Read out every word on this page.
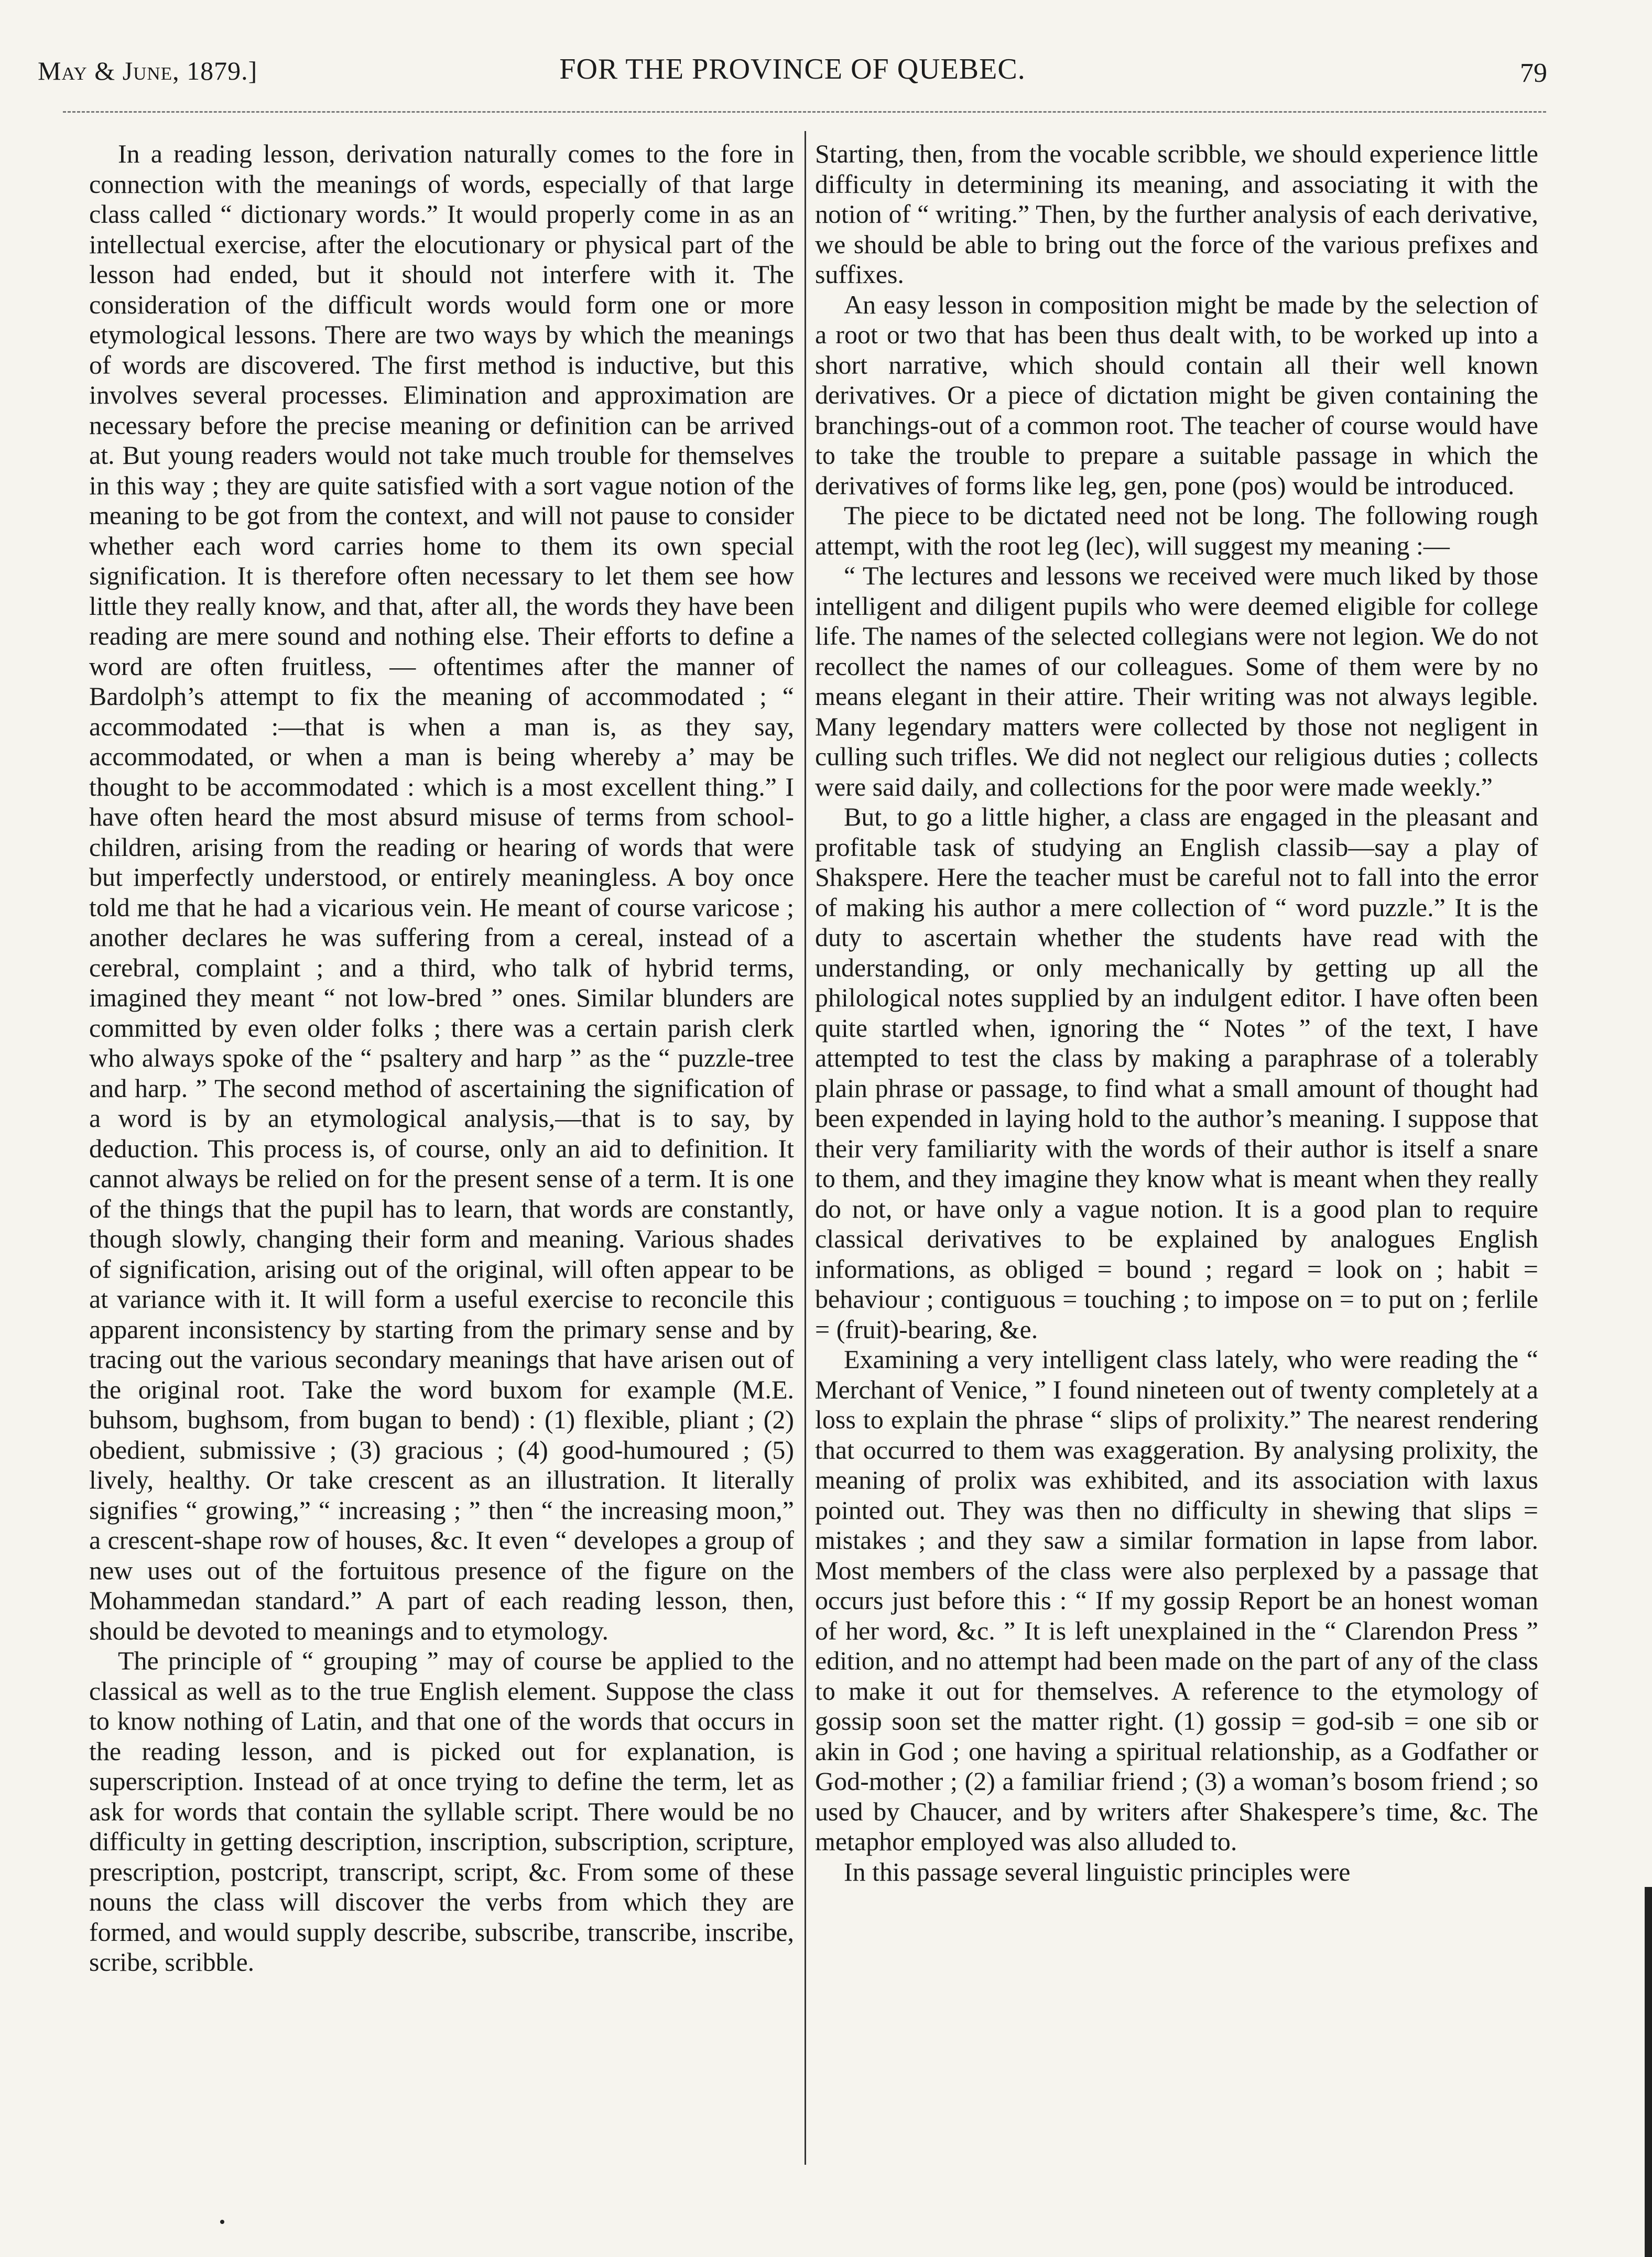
May & June, 1879.]	FOR THE PROVINCE OF QUEBEC.	79

In a reading lesson, derivation naturally comes to the fore in connection with the meanings of words, especially of that large class called “ dictionary words.” It would properly come in as an intellectual exercise, after the elocutionary or physical part of the lesson had ended, but it should not interfere with it. The consideration of the difficult words would form one or more etymological lessons. There are two ways by which the meanings of words are discovered. The first method is inductive, but this involves several processes. Elimination and approximation are necessary before the precise meaning or definition can be arrived at. But young readers would not take much trouble for themselves in this way ; they are quite satisfied with a sort vague notion of the meaning to be got from the context, and will not pause to consider whether each word carries home to them its own special signification. It is therefore often necessary to let them see how little they really know, and that, after all, the words they have been reading are mere sound and nothing else. Their efforts to define a word are often fruitless, — oftentimes after the manner of Bardolph’s attempt to fix the meaning of accommodated ; “ accommodated :—that is when a man is, as they say, accommodated, or when a man is being whereby a’ may be thought to be accommodated : which is a most excellent thing.” I have often heard the most absurd misuse of terms from school-children, arising from the reading or hearing of words that were but imperfectly understood, or entirely meaningless. A boy once told me that he had a vicarious vein. He meant of course varicose ; another declares he was suffering from a cereal, instead of a cerebral, complaint ; and a third, who talk of hybrid terms, imagined they meant “ not low-bred ” ones. Similar blunders are committed by even older folks ; there was a certain parish clerk who always spoke of the “ psaltery and harp ” as the “ puzzle-tree and harp. ” The second method of ascertaining the signification of a word is by an etymological analysis,—that is to say, by deduction. This process is, of course, only an aid to definition. It cannot always be relied on for the present sense of a term. It is one of the things that the pupil has to learn, that words are constantly, though slowly, changing their form and meaning. Various shades of signification, arising out of the original, will often appear to be at variance with it. It will form a useful exercise to reconcile this apparent inconsistency by starting from the primary sense and by tracing out the various secondary meanings that have arisen out of the original root. Take the word buxom for example (M.E. buhsom, bughsom, from bugan to bend) : (1) flexible, pliant ; (2) obedient, submissive ; (3) gracious ; (4) good-humoured ; (5) lively, healthy. Or take crescent as an illustration. It literally signifies “ growing,” “ increasing ; ” then “ the increasing moon,” a crescent-shape row of houses, &c. It even “ developes a group of new uses out of the fortuitous presence of the figure on the Mohammedan standard.” A part of each reading lesson, then, should be devoted to meanings and to etymology.

The principle of “ grouping ” may of course be applied to the classical as well as to the true English element. Suppose the class to know nothing of Latin, and that one of the words that occurs in the reading lesson, and is picked out for explanation, is superscription. Instead of at once trying to define the term, let as ask for words that contain the syllable script. There would be no difficulty in getting description, inscription, subscription, scripture, prescription, postcript, transcript, script, &c. From some of these nouns the class will discover the verbs from which they are formed, and would supply describe, subscribe, transcribe, inscribe, scribe, scribble.

Starting, then, from the vocable scribble, we should experience little difficulty in determining its meaning, and associating it with the notion of “ writing.” Then, by the further analysis of each derivative, we should be able to bring out the force of the various prefixes and suffixes.

An easy lesson in composition might be made by the selection of a root or two that has been thus dealt with, to be worked up into a short narrative, which should contain all their well known derivatives. Or a piece of dictation might be given containing the branchings-out of a common root. The teacher of course would have to take the trouble to prepare a suitable passage in which the derivatives of forms like leg, gen, pone (pos) would be introduced.

The piece to be dictated need not be long. The following rough attempt, with the root leg (lec), will suggest my meaning :—

“ The lectures and lessons we received were much liked by those intelligent and diligent pupils who were deemed eligible for college life. The names of the selected collegians were not legion. We do not recollect the names of our colleagues. Some of them were by no means elegant in their attire. Their writing was not always legible. Many legendary matters were collected by those not negligent in culling such trifles. We did not neglect our religious duties ; collects were said daily, and collections for the poor were made weekly.”

But, to go a little higher, a class are engaged in the pleasant and profitable task of studying an English classib—say a play of Shakspere. Here the teacher must be careful not to fall into the error of making his author a mere collection of “ word puzzle.” It is the duty to ascertain whether the students have read with the understanding, or only mechanically by getting up all the philological notes supplied by an indulgent editor. I have often been quite startled when, ignoring the “ Notes ” of the text, I have attempted to test the class by making a paraphrase of a tolerably plain phrase or passage, to find what a small amount of thought had been expended in laying hold to the author’s meaning. I suppose that their very familiarity with the words of their author is itself a snare to them, and they imagine they know what is meant when they really do not, or have only a vague notion. It is a good plan to require classical derivatives to be explained by analogues English informations, as obliged = bound ; regard = look on ; habit = behaviour ; contiguous = touching ; to impose on = to put on ; ferlile = (fruit)-bearing, &e.

Examining a very intelligent class lately, who were reading the “ Merchant of Venice, ” I found nineteen out of twenty completely at a loss to explain the phrase “ slips of prolixity.” The nearest rendering that occurred to them was exaggeration. By analysing prolixity, the meaning of prolix was exhibited, and its association with laxus pointed out. They was then no difficulty in shewing that slips = mistakes ; and they saw a similar formation in lapse from labor. Most members of the class were also perplexed by a passage that occurs just before this : “ If my gossip Report be an honest woman of her word, &c. ” It is left unexplained in the “ Clarendon Press ” edition, and no attempt had been made on the part of any of the class to make it out for themselves. A reference to the etymology of gossip soon set the matter right. (1) gossip = god-sib = one sib or akin in God ; one having a spiritual relationship, as a Godfather or God-mother ; (2) a familiar friend ; (3) a woman’s bosom friend ; so used by Chaucer, and by writers after Shakespere’s time, &c. The metaphor employed was also alluded to.

In this passage several linguistic principles were
